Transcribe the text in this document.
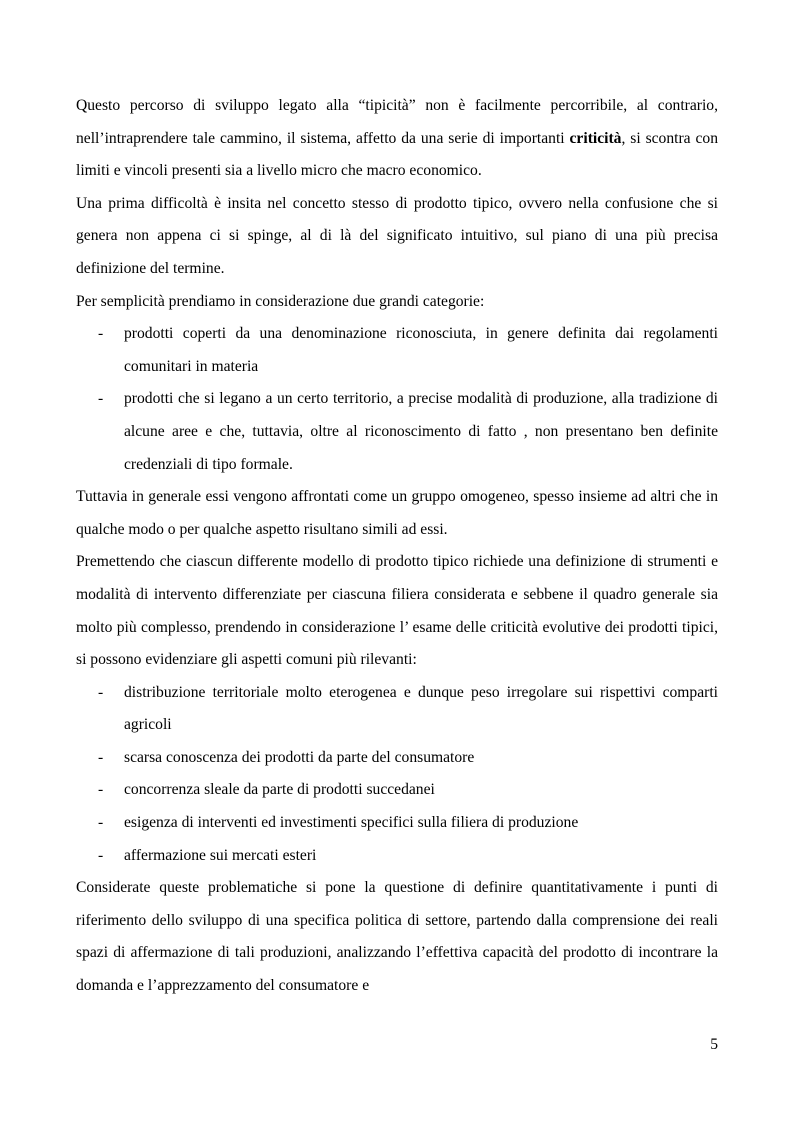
Questo percorso di sviluppo legato alla “tipicità” non è facilmente percorribile, al contrario, nell’intraprendere tale cammino, il sistema, affetto da una serie di importanti criticità, si scontra con limiti e vincoli presenti sia a livello micro che macro economico.

Una prima difficoltà è insita nel concetto stesso di prodotto tipico, ovvero nella confusione che si genera non appena ci si spinge, al di là del significato intuitivo, sul piano di una più precisa definizione del termine.

Per semplicità prendiamo in considerazione due grandi categorie:

- prodotti coperti da una denominazione riconosciuta, in genere definita dai regolamenti comunitari in materia
- prodotti che si legano a un certo territorio, a precise modalità di produzione, alla tradizione di alcune aree e che, tuttavia, oltre al riconoscimento di fatto , non presentano ben definite credenziali di tipo formale.

Tuttavia in generale essi vengono affrontati come un gruppo omogeneo, spesso insieme ad altri che in qualche modo o per qualche aspetto risultano simili ad essi.

Premettendo che ciascun differente modello di prodotto tipico richiede una definizione di strumenti e modalità di intervento differenziate per ciascuna filiera considerata e sebbene il quadro generale sia molto più complesso, prendendo in considerazione l’ esame delle criticità evolutive dei prodotti tipici, si possono evidenziare gli aspetti comuni più rilevanti:

- distribuzione territoriale molto eterogenea e dunque peso irregolare sui rispettivi comparti agricoli
- scarsa conoscenza dei prodotti da parte del consumatore
- concorrenza sleale da parte di prodotti succedanei
- esigenza di interventi ed investimenti specifici sulla filiera di produzione
- affermazione sui mercati esteri

Considerate queste problematiche si pone la questione di definire quantitativamente i punti di riferimento dello sviluppo di una specifica politica di settore, partendo dalla comprensione dei reali spazi di affermazione di tali produzioni, analizzando l’effettiva capacità del prodotto di incontrare la domanda e l’apprezzamento del consumatore e

5
